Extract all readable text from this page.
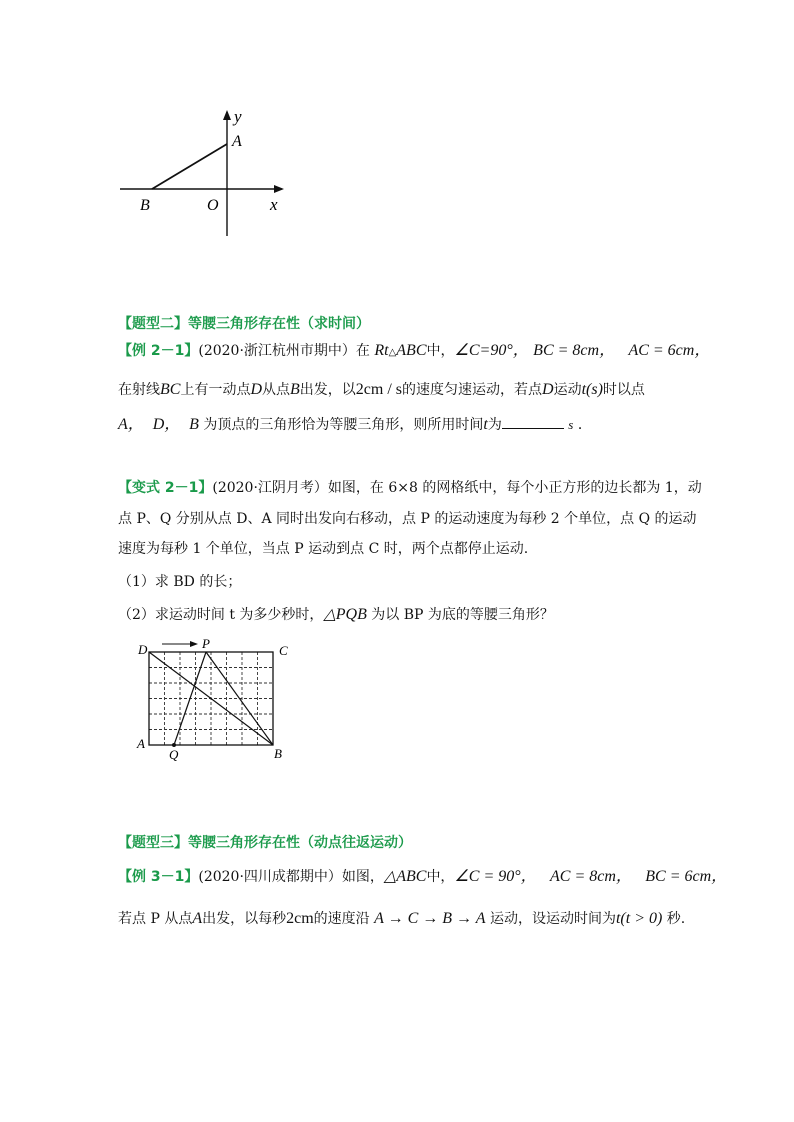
y
A
B	O	x
【题型二】等腰三角形存在性（求时间）
【例 2－1】(2020·浙江杭州市期中）在 Rt△ABC中，∠C=90°， BC = 8cm， AC = 6cm，
在射线BC上有一动点D从点B出发，以2cm / s的速度匀速运动，若点D运动t(s)时以点
A， D， B 为顶点的三角形恰为等腰三角形，则所用时间t为	s ．
【变式 2－1】(2020·江阴月考）如图，在 6×8 的网格纸中，每个小正方形的边长都为 1，动
点 P、Q 分别从点 D、A 同时出发向右移动，点 P 的运动速度为每秒 2 个单位，点 Q 的运动
速度为每秒 1 个单位，当点 P 运动到点 C 时，两个点都停止运动.
（1）求 BD 的长；
（2）求运动时间 t 为多少秒时，△PQB 为以 BP 为底的等腰三角形？
D	P	C
A
Q	B
【题型三】等腰三角形存在性（动点往返运动）
【例 3－1】(2020·四川成都期中）如图，△ABC中，∠C = 90°， AC = 8cm， BC = 6cm，
若点 P 从点A出发，以每秒2cm的速度沿 A → C → B → A 运动，设运动时间为t(t > 0) 秒.
